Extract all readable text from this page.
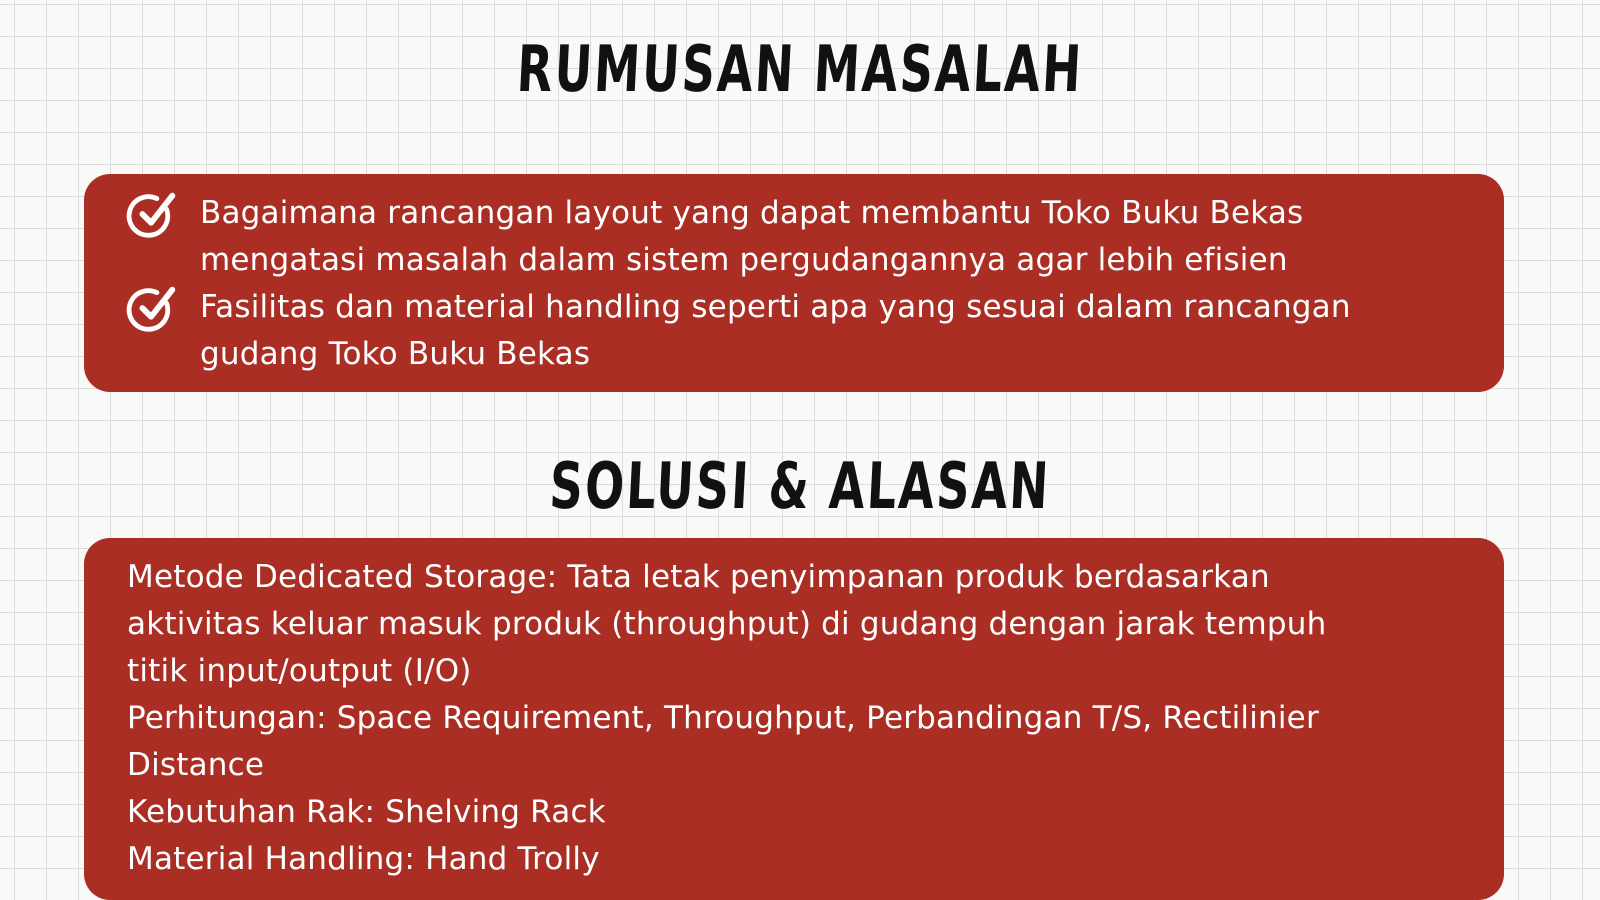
RUMUSAN MASALAH
Bagaimana rancangan layout yang dapat membantu Toko Buku Bekas
mengatasi masalah dalam sistem pergudangannya agar lebih efisien
Fasilitas dan material handling seperti apa yang sesuai dalam rancangan
gudang Toko Buku Bekas
SOLUSI & ALASAN
Metode Dedicated Storage: Tata letak penyimpanan produk berdasarkan
aktivitas keluar masuk produk (throughput) di gudang dengan jarak tempuh
titik input/output (I/O)
Perhitungan: Space Requirement, Throughput, Perbandingan T/S, Rectilinier
Distance
Kebutuhan Rak: Shelving Rack
Material Handling: Hand Trolly
